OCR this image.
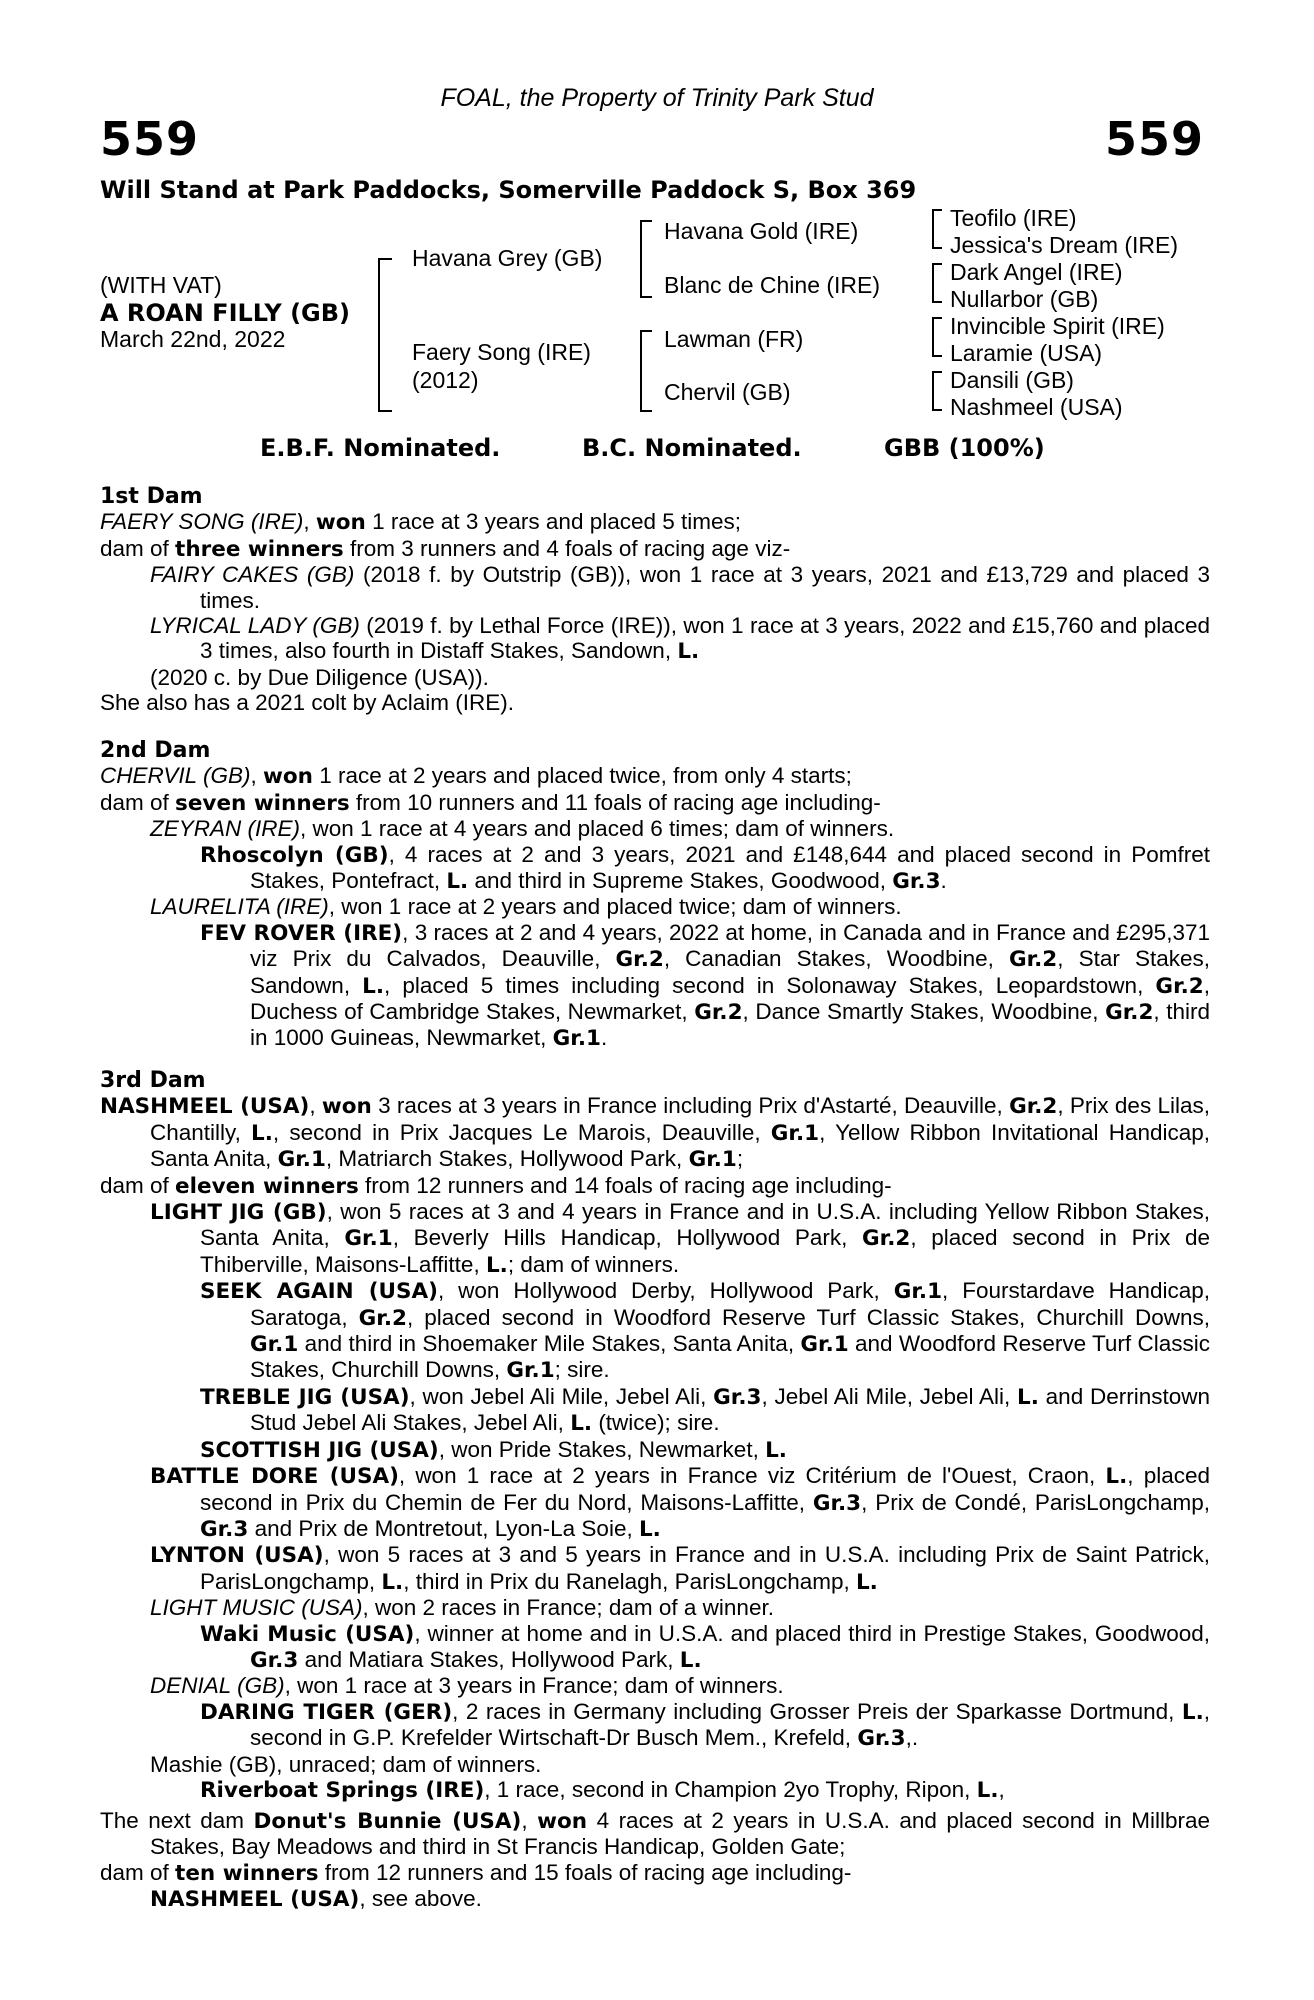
FOAL, the Property of Trinity Park Stud
559	559
Will Stand at Park Paddocks, Somerville Paddock S, Box 369
(WITH VAT)
A ROAN FILLY (GB)
March 22nd, 2022
Havana Grey (GB)
Faery Song (IRE)
(2012)
Havana Gold (IRE)
Blanc de Chine (IRE)
Lawman (FR)
Chervil (GB)
Teofilo (IRE)
Jessica's Dream (IRE)
Dark Angel (IRE)
Nullarbor (GB)
Invincible Spirit (IRE)
Laramie (USA)
Dansili (GB)
Nashmeel (USA)
E.B.F. Nominated.	B.C. Nominated.	GBB (100%)

1st Dam

FAERY SONG (IRE), won 1 race at 3 years and placed 5 times;

dam of three winners from 3 runners and 4 foals of racing age viz-

FAIRY CAKES (GB) (2018 f. by Outstrip (GB)), won 1 race at 3 years, 2021 and £13,729 and placed 3 times.

LYRICAL LADY (GB) (2019 f. by Lethal Force (IRE)), won 1 race at 3 years, 2022 and £15,760 and placed 3 times, also fourth in Distaff Stakes, Sandown, L.

(2020 c. by Due Diligence (USA)).

She also has a 2021 colt by Aclaim (IRE).

2nd Dam

CHERVIL (GB), won 1 race at 2 years and placed twice, from only 4 starts;

dam of seven winners from 10 runners and 11 foals of racing age including-

ZEYRAN (IRE), won 1 race at 4 years and placed 6 times; dam of winners.

Rhoscolyn (GB), 4 races at 2 and 3 years, 2021 and £148,644 and placed second in Pomfret Stakes, Pontefract, L. and third in Supreme Stakes, Goodwood, Gr.3.

LAURELITA (IRE), won 1 race at 2 years and placed twice; dam of winners.

FEV ROVER (IRE), 3 races at 2 and 4 years, 2022 at home, in Canada and in France and £295,371 viz Prix du Calvados, Deauville, Gr.2, Canadian Stakes, Woodbine, Gr.2, Star Stakes, Sandown, L., placed 5 times including second in Solonaway Stakes, Leopardstown, Gr.2, Duchess of Cambridge Stakes, Newmarket, Gr.2, Dance Smartly Stakes, Woodbine, Gr.2, third in 1000 Guineas, Newmarket, Gr.1.

3rd Dam

NASHMEEL (USA), won 3 races at 3 years in France including Prix d'Astarté, Deauville, Gr.2, Prix des Lilas, Chantilly, L., second in Prix Jacques Le Marois, Deauville, Gr.1, Yellow Ribbon Invitational Handicap, Santa Anita, Gr.1, Matriarch Stakes, Hollywood Park, Gr.1;

dam of eleven winners from 12 runners and 14 foals of racing age including-

LIGHT JIG (GB), won 5 races at 3 and 4 years in France and in U.S.A. including Yellow Ribbon Stakes, Santa Anita, Gr.1, Beverly Hills Handicap, Hollywood Park, Gr.2, placed second in Prix de Thiberville, Maisons-Laffitte, L.; dam of winners.

SEEK AGAIN (USA), won Hollywood Derby, Hollywood Park, Gr.1, Fourstardave Handicap, Saratoga, Gr.2, placed second in Woodford Reserve Turf Classic Stakes, Churchill Downs, Gr.1 and third in Shoemaker Mile Stakes, Santa Anita, Gr.1 and Woodford Reserve Turf Classic Stakes, Churchill Downs, Gr.1; sire.

TREBLE JIG (USA), won Jebel Ali Mile, Jebel Ali, Gr.3, Jebel Ali Mile, Jebel Ali, L. and Derrinstown Stud Jebel Ali Stakes, Jebel Ali, L. (twice); sire.

SCOTTISH JIG (USA), won Pride Stakes, Newmarket, L.

BATTLE DORE (USA), won 1 race at 2 years in France viz Critérium de l'Ouest, Craon, L., placed second in Prix du Chemin de Fer du Nord, Maisons-Laffitte, Gr.3, Prix de Condé, ParisLongchamp, Gr.3 and Prix de Montretout, Lyon-La Soie, L.

LYNTON (USA), won 5 races at 3 and 5 years in France and in U.S.A. including Prix de Saint Patrick, ParisLongchamp, L., third in Prix du Ranelagh, ParisLongchamp, L.

LIGHT MUSIC (USA), won 2 races in France; dam of a winner.

Waki Music (USA), winner at home and in U.S.A. and placed third in Prestige Stakes, Goodwood, Gr.3 and Matiara Stakes, Hollywood Park, L.

DENIAL (GB), won 1 race at 3 years in France; dam of winners.

DARING TIGER (GER), 2 races in Germany including Grosser Preis der Sparkasse Dortmund, L., second in G.P. Krefelder Wirtschaft-Dr Busch Mem., Krefeld, Gr.3,.

Mashie (GB), unraced; dam of winners.

Riverboat Springs (IRE), 1 race, second in Champion 2yo Trophy, Ripon, L.,

The next dam Donut's Bunnie (USA), won 4 races at 2 years in U.S.A. and placed second in Millbrae Stakes, Bay Meadows and third in St Francis Handicap, Golden Gate;

dam of ten winners from 12 runners and 15 foals of racing age including-

NASHMEEL (USA), see above.
